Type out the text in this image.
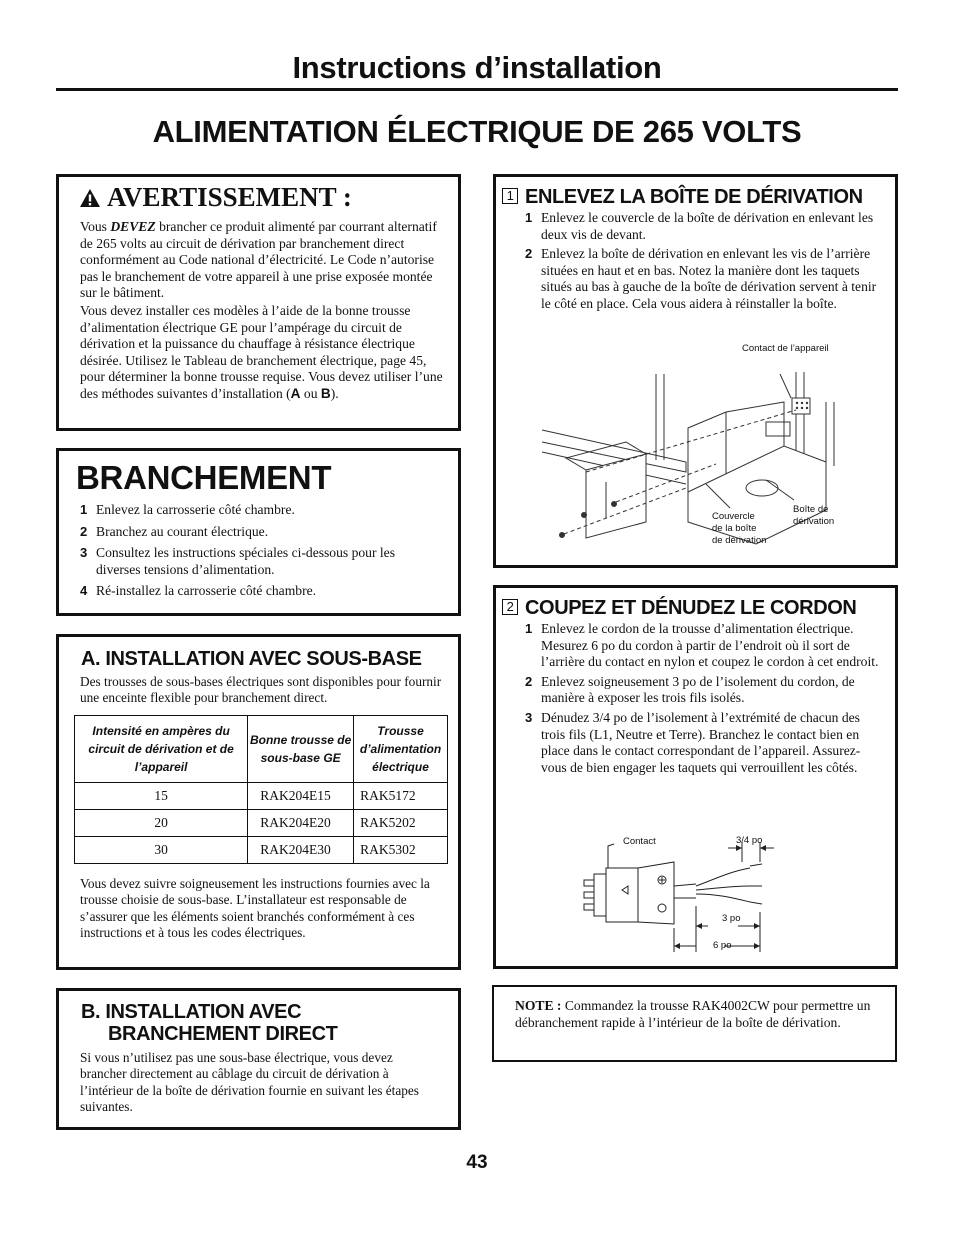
Instructions d’installation
ALIMENTATION ÉLECTRIQUE DE 265 VOLTS
AVERTISSEMENT :

Vous DEVEZ brancher ce produit alimenté par courrant alternatif de 265 volts au circuit de dérivation par branchement direct conformément au Code national d’électricité. Le Code n’autorise pas le branchement de votre appareil à une prise exposée montée sur le bâtiment.

Vous devez installer ces modèles à l’aide de la bonne trousse d’alimentation électrique GE pour l’ampérage du circuit de dérivation et la puissance du chauffage à résistance électrique désirée. Utilisez le Tableau de branchement électrique, page 45, pour déterminer la bonne trousse requise. Vous devez utiliser l’une des méthodes suivantes d’installation (A ou B).

BRANCHEMENT
1 Enlevez la carrosserie côté chambre.
2 Branchez au courant électrique.
3 Consultez les instructions spéciales ci-dessous pour les diverses tensions d’alimentation.
4 Ré-installez la carrosserie côté chambre.
A. INSTALLATION AVEC SOUS-BASE

Des trousses de sous-bases électriques sont disponibles pour fournir une enceinte flexible pour branchement direct.

Intensité en ampères du circuit de dérivation et de l’appareil	Bonne trousse de sous-base GE	Trousse d’alimentation électrique
15	RAK204E15	RAK5172
20	RAK204E20	RAK5202
30	RAK204E30	RAK5302

Vous devez suivre soigneusement les instructions fournies avec la trousse choisie de sous-base. L’installateur est responsable de s’assurer que les éléments soient branchés conformément à ces instructions et à tous les codes électriques.

B. INSTALLATION AVEC
BRANCHEMENT DIRECT

Si vous n’utilisez pas une sous-base électrique, vous devez brancher directement au câblage du circuit de dérivation à l’intérieur de la boîte de dérivation fournie en suivant les étapes suivantes.

1 ENLEVEZ LA BOÎTE DE DÉRIVATION
1 Enlevez le couvercle de la boîte de dérivation en enlevant les deux vis de devant.
2 Enlevez la boîte de dérivation en enlevant les vis de l’arrière situées en haut et en bas. Notez la manière dont les taquets situés au bas à gauche de la boîte de dérivation servent à tenir le côté en place. Cela vous aidera à réinstaller la boîte.
Contact de l’appareil
Couvercle
de la boîte
de dérivation
Boîte de
dérivation
2 COUPEZ ET DÉNUDEZ LE CORDON
1 Enlevez le cordon de la trousse d’alimentation électrique. Mesurez 6 po du cordon à partir de l’endroit où il sort de l’arrière du contact en nylon et coupez le cordon à cet endroit.
2 Enlevez soigneusement 3 po de l’isolement du cordon, de manière à exposer les trois fils isolés.
3 Dénudez 3/4 po de l’isolement à l’extrémité de chacun des trois fils (L1, Neutre et Terre). Branchez le contact bien en place dans le contact correspondant de l’appareil. Assurez-vous de bien engager les taquets qui verrouillent les côtés.
Contact	3/4 po
3 po
6 po

NOTE : Commandez la trousse RAK4002CW pour permettre un débranchement rapide à l’intérieur de la boîte de dérivation.

43
